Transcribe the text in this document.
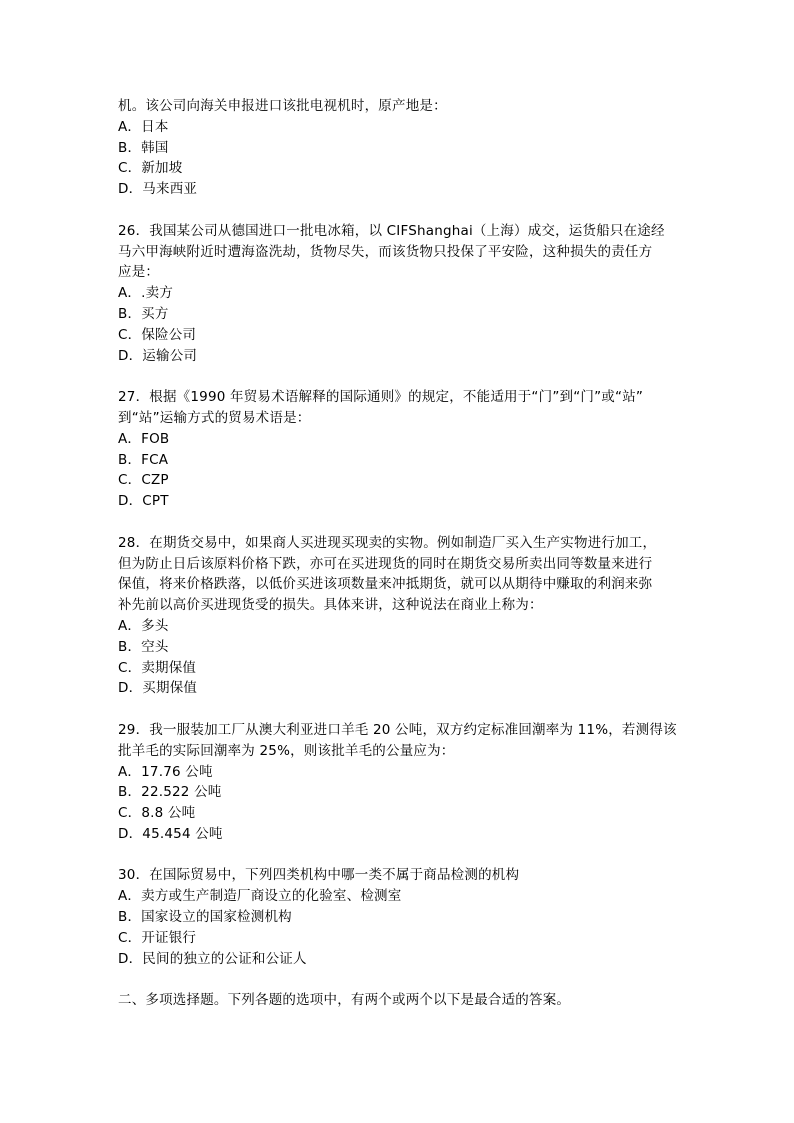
机。该公司向海关申报进口该批电视机时，原产地是：
A．日本
B．韩国
C．新加坡
D．马来西亚
26．我国某公司从德国进口一批电冰箱，以 CIFShanghai（上海）成交，运货船只在途经
马六甲海峡附近时遭海盗洗劫，货物尽失，而该货物只投保了平安险，这种损失的责任方
应是：
A．.卖方
B．买方
C．保险公司
D．运输公司
27．根据《1990 年贸易术语解释的国际通则》的规定，不能适用于“门”到“门”或“站”
到“站”运输方式的贸易术语是：
A．FOB
B．FCA
C．CZP
D．CPT
28．在期货交易中，如果商人买进现买现卖的实物。例如制造厂买入生产实物进行加工，
但为防止日后该原料价格下跌，亦可在买进现货的同时在期货交易所卖出同等数量来进行
保值，将来价格跌落，以低价买进该项数量来冲抵期货，就可以从期待中赚取的利润来弥
补先前以高价买进现货受的损失。具体来讲，这种说法在商业上称为：
A．多头
B．空头
C．卖期保值
D．买期保值
29．我一服装加工厂从澳大利亚进口羊毛 20 公吨，双方约定标准回潮率为 11%，若测得该
批羊毛的实际回潮率为 25%，则该批羊毛的公量应为：
A．17.76 公吨
B．22.522 公吨
C．8.8 公吨
D．45.454 公吨
30．在国际贸易中，下列四类机构中哪一类不属于商品检测的机构
A．卖方或生产制造厂商设立的化验室、检测室
B．国家设立的国家检测机构
C．开证银行
D．民间的独立的公证和公证人
二、多项选择题。下列各题的选项中，有两个或两个以下是最合适的答案。
